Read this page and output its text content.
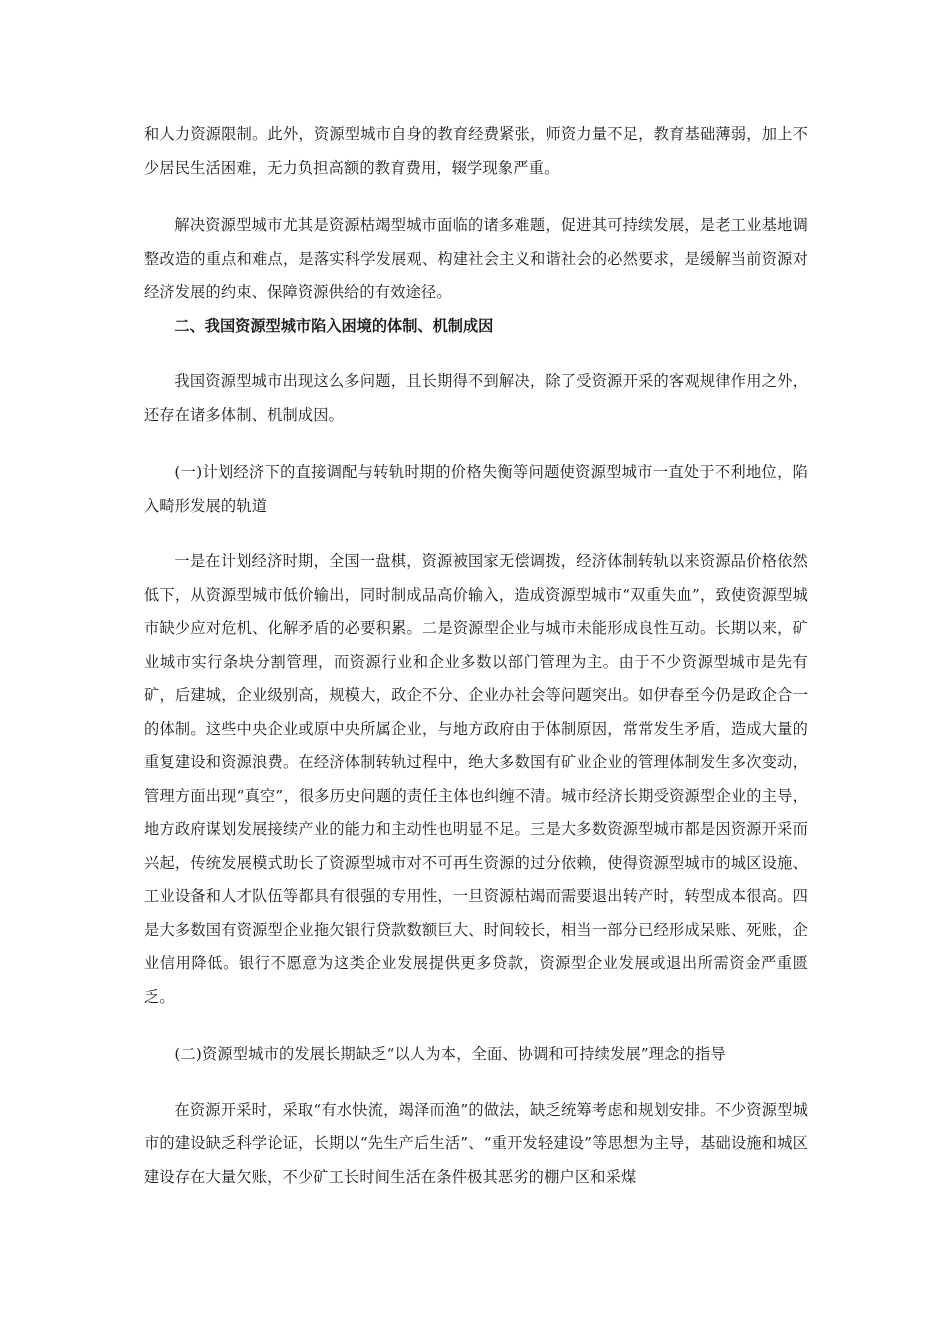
和人力资源限制。此外，资源型城市自身的教育经费紧张，师资力量不足，教育基础薄弱，加上不少居民生活困难，无力负担高额的教育费用，辍学现象严重。

解决资源型城市尤其是资源枯竭型城市面临的诸多难题，促进其可持续发展，是老工业基地调整改造的重点和难点，是落实科学发展观、构建社会主义和谐社会的必然要求，是缓解当前资源对经济发展的约束、保障资源供给的有效途径。

二、我国资源型城市陷入困境的体制、机制成因

我国资源型城市出现这么多问题，且长期得不到解决，除了受资源开采的客观规律作用之外，还存在诸多体制、机制成因。

(一)计划经济下的直接调配与转轨时期的价格失衡等问题使资源型城市一直处于不利地位，陷入畸形发展的轨道

一是在计划经济时期，全国一盘棋，资源被国家无偿调拨，经济体制转轨以来资源品价格依然低下，从资源型城市低价输出，同时制成品高价输入，造成资源型城市“双重失血”，致使资源型城市缺少应对危机、化解矛盾的必要积累。二是资源型企业与城市未能形成良性互动。长期以来，矿业城市实行条块分割管理，而资源行业和企业多数以部门管理为主。由于不少资源型城市是先有矿，后建城，企业级别高，规模大，政企不分、企业办社会等问题突出。如伊春至今仍是政企合一的体制。这些中央企业或原中央所属企业，与地方政府由于体制原因，常常发生矛盾，造成大量的重复建设和资源浪费。在经济体制转轨过程中，绝大多数国有矿业企业的管理体制发生多次变动，管理方面出现“真空”，很多历史问题的责任主体也纠缠不清。城市经济长期受资源型企业的主导，地方政府谋划发展接续产业的能力和主动性也明显不足。三是大多数资源型城市都是因资源开采而兴起，传统发展模式助长了资源型城市对不可再生资源的过分依赖，使得资源型城市的城区设施、工业设备和人才队伍等都具有很强的专用性，一旦资源枯竭而需要退出转产时，转型成本很高。四是大多数国有资源型企业拖欠银行贷款数额巨大、时间较长，相当一部分已经形成呆账、死账，企业信用降低。银行不愿意为这类企业发展提供更多贷款，资源型企业发展或退出所需资金严重匮乏。

(二)资源型城市的发展长期缺乏“以人为本，全面、协调和可持续发展”理念的指导

在资源开采时，采取“有水快流，竭泽而渔”的做法，缺乏统筹考虑和规划安排。不少资源型城市的建设缺乏科学论证，长期以“先生产后生活”、“重开发轻建设”等思想为主导，基础设施和城区建设存在大量欠账，不少矿工长时间生活在条件极其恶劣的棚户区和采煤
